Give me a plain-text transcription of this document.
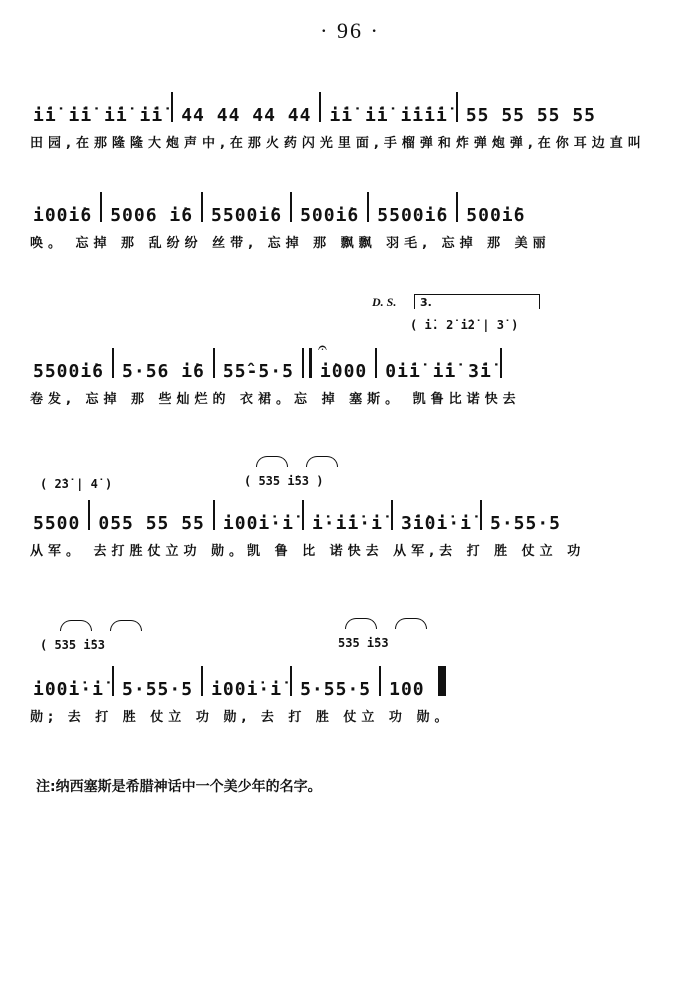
· 96 ·
i̇i̇ i̇i̇ i̇i̇ i̇i̇ 44 44 44 44 i̇i̇ i̇i̇ i̇i̇i̇i̇ 55 55 55 55
田园,在那隆隆大炮声中,在那火药闪光里面,手榴弹和炸弹炮弹,在你耳边直叫
i00i̇6 5006 i̇6 5500i̇6 500i̇6 5500i̇6 500i̇6
唤。 忘掉 那 乱纷纷 丝带, 忘掉 那 飘飘 羽毛, 忘掉 那 美丽
D. S. 3.
( i̇. 2̇ i̇2̇ | 3̇ )
𝄐
5500i̇6 5·56 i̇6 55̂-5·5 i̇000 0i̇i̇ i̇i̇ 3̇i̇
卷发, 忘掉 那 些灿烂的 衣裙。忘 掉 塞斯。 凯鲁比诺快去
( 2̇3̇ | 4̇ )	( 535 i̇53 )
5500 055 55 55 i00i̇·i̇ i̇·i̇i̇·i̇ 3̇i̇0i̇·i̇ 5·55·5
从军。 去打胜仗立功 勋。凯 鲁 比 诺快去 从军,去 打 胜 仗立 功
( 535 i̇53	535 i̇53
i00i̇·i̇ 5·55·5 i00i̇·i̇ 5·55·5 100
勋; 去 打 胜 仗立 功 勋, 去 打 胜 仗立 功 勋。
注:纳西塞斯是希腊神话中一个美少年的名字。
